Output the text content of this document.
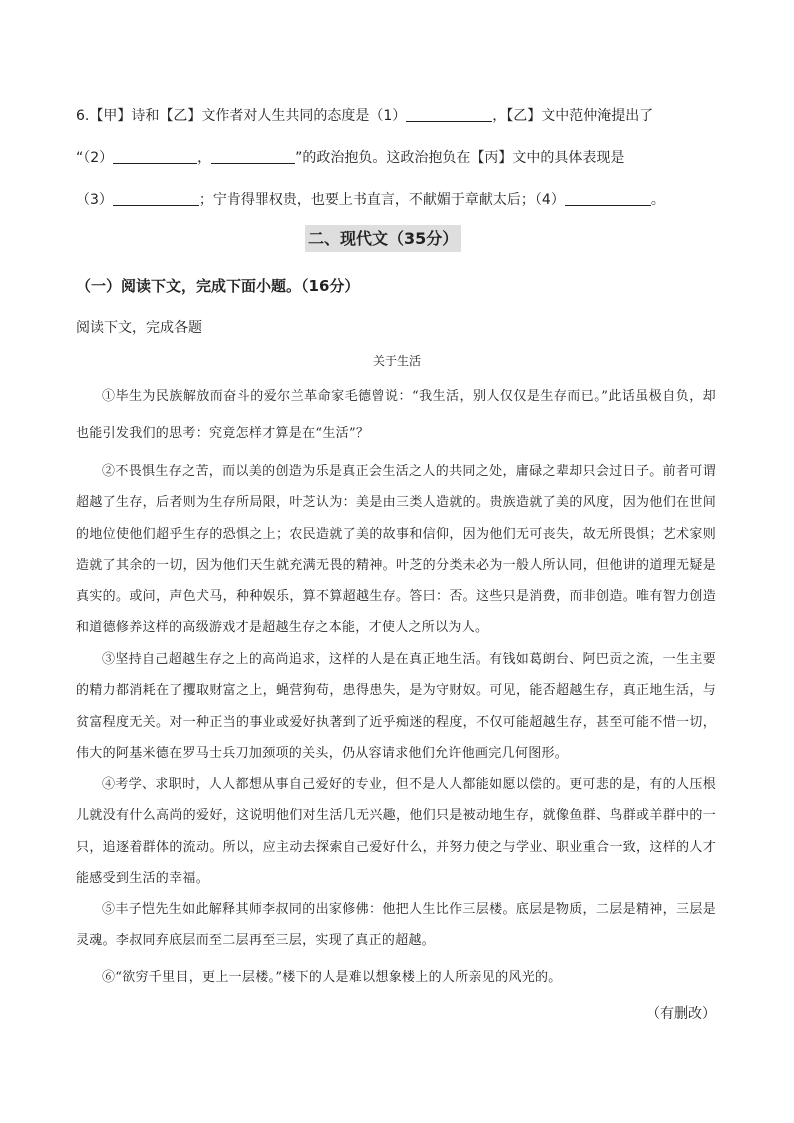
6.【甲】诗和【乙】文作者对人生共同的态度是（1）	，【乙】文中范仲淹提出了
“（2）	，	”的政治抱负。这政治抱负在【丙】文中的具体表现是
（3）	；宁肯得罪权贵，也要上书直言，不献媚于章献太后；（4）	。
二、现代文（35分）
（一）阅读下文，完成下面小题。（16分）
阅读下文，完成各题
关于生活
①毕生为民族解放而奋斗的爱尔兰革命家毛德曾说：“我生活，别人仅仅是生存而已。”此话虽极自负，却也能引发我们的思考：究竟怎样才算是在“生活”？
②不畏惧生存之苦，而以美的创造为乐是真正会生活之人的共同之处，庸碌之辈却只会过日子。前者可谓超越了生存，后者则为生存所局限，叶芝认为：美是由三类人造就的。贵族造就了美的风度，因为他们在世间的地位使他们超乎生存的恐惧之上；农民造就了美的故事和信仰，因为他们无可丧失，故无所畏惧；艺术家则造就了其余的一切，因为他们天生就充满无畏的精神。叶芝的分类未必为一般人所认同，但他讲的道理无疑是真实的。或问，声色犬马，种种娱乐，算不算超越生存。答曰：否。这些只是消费，而非创造。唯有智力创造和道德修养这样的高级游戏才是超越生存之本能，才使人之所以为人。
③坚持自己超越生存之上的高尚追求，这样的人是在真正地生活。有钱如葛朗台、阿巴贡之流，一生主要的精力都消耗在了攫取财富之上，蝇营狗苟，患得患失，是为守财奴。可见，能否超越生存，真正地生活，与贫富程度无关。对一种正当的事业或爱好执著到了近乎痴迷的程度，不仅可能超越生存，甚至可能不惜一切，伟大的阿基米德在罗马士兵刀加颈项的关头，仍从容请求他们允许他画完几何图形。
④考学、求职时，人人都想从事自己爱好的专业，但不是人人都能如愿以偿的。更可悲的是，有的人压根儿就没有什么高尚的爱好，这说明他们对生活几无兴趣，他们只是被动地生存，就像鱼群、鸟群或羊群中的一只，追逐着群体的流动。所以，应主动去探索自己爱好什么，并努力使之与学业、职业重合一致，这样的人才能感受到生活的幸福。
⑤丰子恺先生如此解释其师李叔同的出家修佛：他把人生比作三层楼。底层是物质，二层是精神，三层是灵魂。李叔同弃底层而至二层再至三层，实现了真正的超越。
⑥“欲穷千里目，更上一层楼。”楼下的人是难以想象楼上的人所亲见的风光的。
（有删改）
